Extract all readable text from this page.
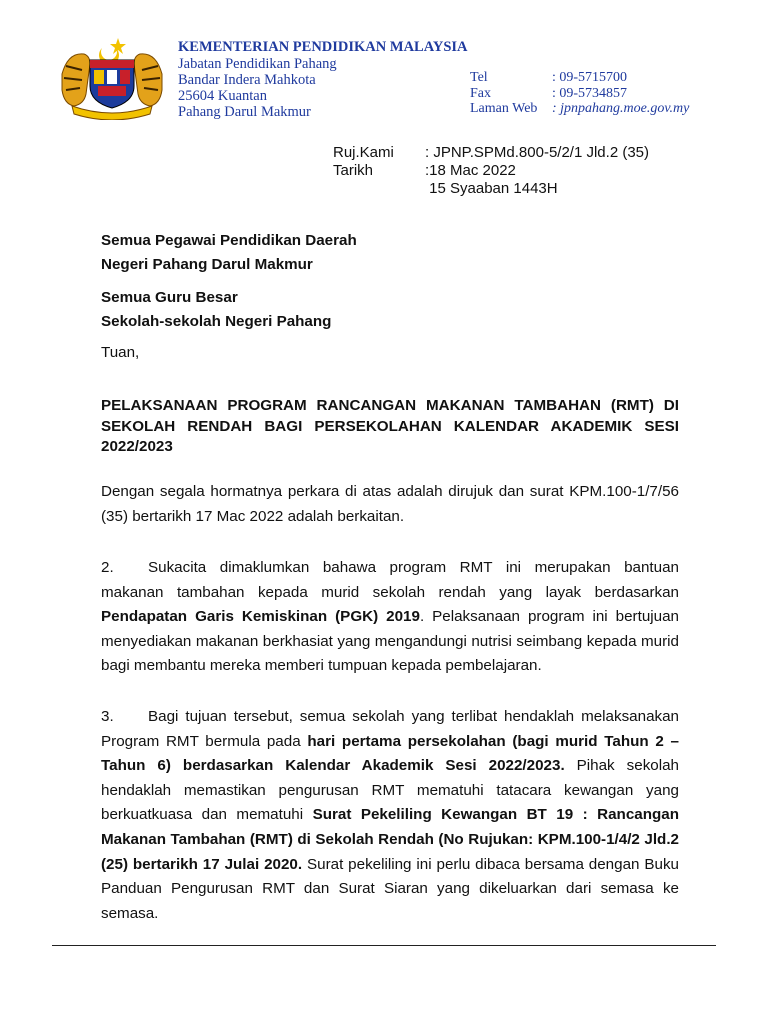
KEMENTERIAN PENDIDIKAN MALAYSIA
Jabatan Pendidikan Pahang
Bandar Indera Mahkota
25604 Kuantan
Pahang Darul Makmur
Tel	: 09-5715700
Fax	: 09-5734857
Laman Web	: jpnpahang.moe.gov.my
Ruj.Kami	: JPNP.SPMd.800-5/2/1 Jld.2 (35)
Tarikh	:18 Mac 2022
15 Syaaban 1443H
Semua Pegawai Pendidikan Daerah
Negeri Pahang Darul Makmur
Semua Guru Besar
Sekolah-sekolah Negeri Pahang
Tuan,
PELAKSANAAN PROGRAM RANCANGAN MAKANAN TAMBAHAN (RMT) DI SEKOLAH RENDAH BAGI PERSEKOLAHAN KALENDAR AKADEMIK SESI 2022/2023

Dengan segala hormatnya perkara di atas adalah dirujuk dan surat KPM.100-1/7/56 (35) bertarikh 17 Mac 2022 adalah berkaitan.

2. Sukacita dimaklumkan bahawa program RMT ini merupakan bantuan makanan tambahan kepada murid sekolah rendah yang layak berdasarkan Pendapatan Garis Kemiskinan (PGK) 2019. Pelaksanaan program ini bertujuan menyediakan makanan berkhasiat yang mengandungi nutrisi seimbang kepada murid bagi membantu mereka memberi tumpuan kepada pembelajaran.

3. Bagi tujuan tersebut, semua sekolah yang terlibat hendaklah melaksanakan Program RMT bermula pada hari pertama persekolahan (bagi murid Tahun 2 – Tahun 6) berdasarkan Kalendar Akademik Sesi 2022/2023. Pihak sekolah hendaklah memastikan pengurusan RMT mematuhi tatacara kewangan yang berkuatkuasa dan mematuhi Surat Pekeliling Kewangan BT 19 : Rancangan Makanan Tambahan (RMT) di Sekolah Rendah (No Rujukan: KPM.100-1/4/2 Jld.2 (25) bertarikh 17 Julai 2020. Surat pekeliling ini perlu dibaca bersama dengan Buku Panduan Pengurusan RMT dan Surat Siaran yang dikeluarkan dari semasa ke semasa.
